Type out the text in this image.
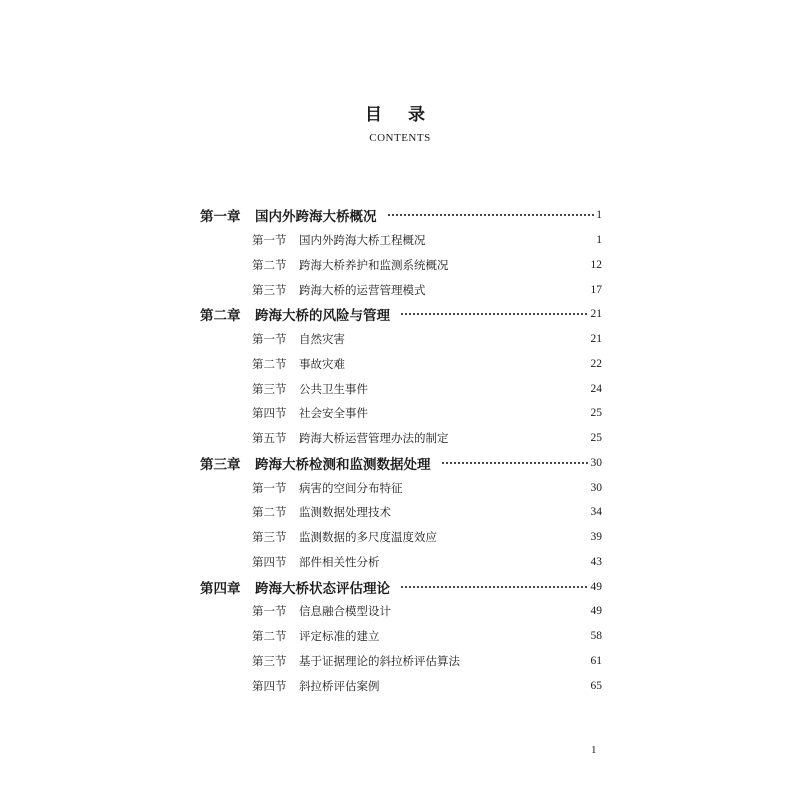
目 录
CONTENTS
第一章	国内外跨海大桥概况	1
第一节	国内外跨海大桥工程概况	1
第二节	跨海大桥养护和监测系统概况	12
第三节	跨海大桥的运营管理模式	17
第二章	跨海大桥的风险与管理	21
第一节	自然灾害	21
第二节	事故灾难	22
第三节	公共卫生事件	24
第四节	社会安全事件	25
第五节	跨海大桥运营管理办法的制定	25
第三章	跨海大桥检测和监测数据处理	30
第一节	病害的空间分布特征	30
第二节	监测数据处理技术	34
第三节	监测数据的多尺度温度效应	39
第四节	部件相关性分析	43
第四章	跨海大桥状态评估理论	49
第一节	信息融合模型设计	49
第二节	评定标准的建立	58
第三节	基于证据理论的斜拉桥评估算法	61
第四节	斜拉桥评估案例	65
1
